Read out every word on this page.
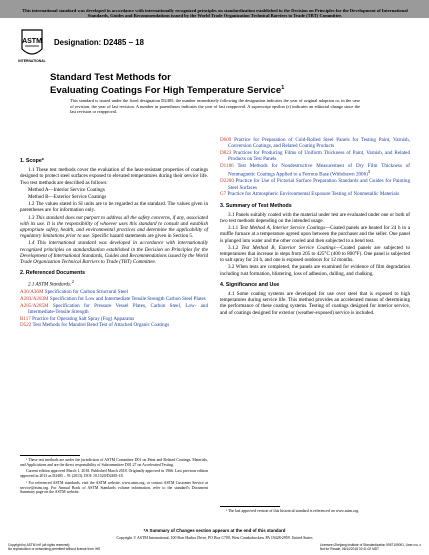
This international standard was developed in accordance with internationally recognized principles on standardization established in the Decision on Principles for the Development of International Standards, Guides and Recommendations issued by the World Trade Organization Technical Barriers to Trade (TBT) Committee.
ASTM
INTERNATIONAL
Designation: D2485 − 18
Standard Test Methods for
Evaluating Coatings For High Temperature Service$^1$
This standard is issued under the fixed designation D2485; the number immediately following the designation indicates the year of original adoption or, in the case of revision, the year of last revision. A number in parentheses indicates the year of last reapproval. A superscript epsilon (ε) indicates an editorial change since the last revision or reapproval.
1. Scope*

1.1 These test methods cover the evaluation of the heat-resistant properties of coatings designed to protect steel surfaces exposed to elevated temperatures during their service life. Two test methods are described as follows:

Method A—Interior Service Coatings

Method B—Exterior Service Coatings

1.2 The values stated in SI units are to be regarded as the standard. The values given in parentheses are for information only.

1.3 This standard does not purport to address all the safety concerns, if any, associated with its use. It is the responsibility of whoever uses this standard to consult and establish appropriate safety, health, and environmental practices and determine the applicability of regulatory limitations prior to use. Specific hazard statements are given in Section 5.

1.4 This international standard was developed in accordance with internationally recognized principles on standardization established in the Decision on Principles for the Development of International Standards, Guides and Recommendations issued by the World Trade Organization Technical Barriers to Trade (TBT) Committee.

2. Referenced Documents

2.1 ASTM Standards:$^2$

A36/A36M Specification for Carbon Structural Steel
A283/A283M Specification for Low and Intermediate Tensile Strength Carbon Steel Plates
A285/A285M Specification for Pressure Vessel Plates, Carbon Steel, Low- and Intermediate-Tensile Strength
B117 Practice for Operating Salt Spray (Fog) Apparatus
D522 Test Methods for Mandrel Bend Test of Attached Organic Coatings
D609 Practice for Preparation of Cold-Rolled Steel Panels for Testing Paint, Varnish, Conversion Coatings, and Related Coating Products
D823 Practices for Producing Films of Uniform Thickness of Paint, Varnish, and Related Products on Test Panels
D1186 Test Methods for Nondestructive Measurement of Dry Film Thickness of Nonmagnetic Coatings Applied to a Ferrous Base (Withdrawn 2006)$^3$
D2200 Practice for Use of Pictorial Surface Preparation Standards and Guides for Painting Steel Surfaces
G7 Practice for Atmospheric Environmental Exposure Testing of Nonmetallic Materials
3. Summary of Test Methods

3.1 Panels suitably coated with the material under test are evaluated under one or both of two test methods depending on the intended usage.

3.1.1 Test Method A, Interior Service Coatings—Coated panels are heated for 24 h in a muffle furnace at a temperature agreed upon between the purchaser and the seller. One panel is plunged into water and the other cooled and then subjected to a bend test.

3.1.2 Test Method B, Exterior Service Coatings—Coated panels are subjected to temperatures that increase in steps from 205 to 425°C (400 to 800°F). One panel is subjected to salt spray for 24 h, and one is exposed outdoors for 12 months.

3.2 When tests are completed, the panels are examined for evidence of film degradation including rust formation, blistering, loss of adhesion, dulling, and chalking.

4. Significance and Use

4.1 Some coating systems are developed for use over steel that is exposed to high temperatures during service life. This method provides an accelerated means of determining the performance of these coating systems. Testing of coatings designed for interior service, and of coatings designed for exterior (weather-exposed) service is included.

¹ These test methods are under the jurisdiction of ASTM Committee D01 on Paint and Related Coatings, Materials, and Applications and are the direct responsibility of Subcommittee D01.27 on Accelerated Testing.

Current edition approved March 1, 2018. Published March 2018. Originally approved in 1966. Last previous edition approved in 2013 as D2485 – 91 (2013). DOI: 10.1520/D2485-18.

² For referenced ASTM standards, visit the ASTM website, www.astm.org, or contact ASTM Customer Service at service@astm.org. For Annual Book of ASTM Standards volume information, refer to the standard's Document Summary page on the ASTM website.

³ The last approved version of this historical standard is referenced on www.astm.org.

*A Summary of Changes section appears at the end of this standard
Copyright © ASTM International, 100 Barr Harbor Drive, PO Box C700, West Conshohocken, PA 19428-2959. United States
Copyright by ASTM Int'l (all rights reserved);
No reproduction or networking permitted without license from IHS
Licensee=Zhejiang Institute of Standardization 5957109001, User=xu, z
Not for Resale, 06/14/2018 02:41:02 MDT
